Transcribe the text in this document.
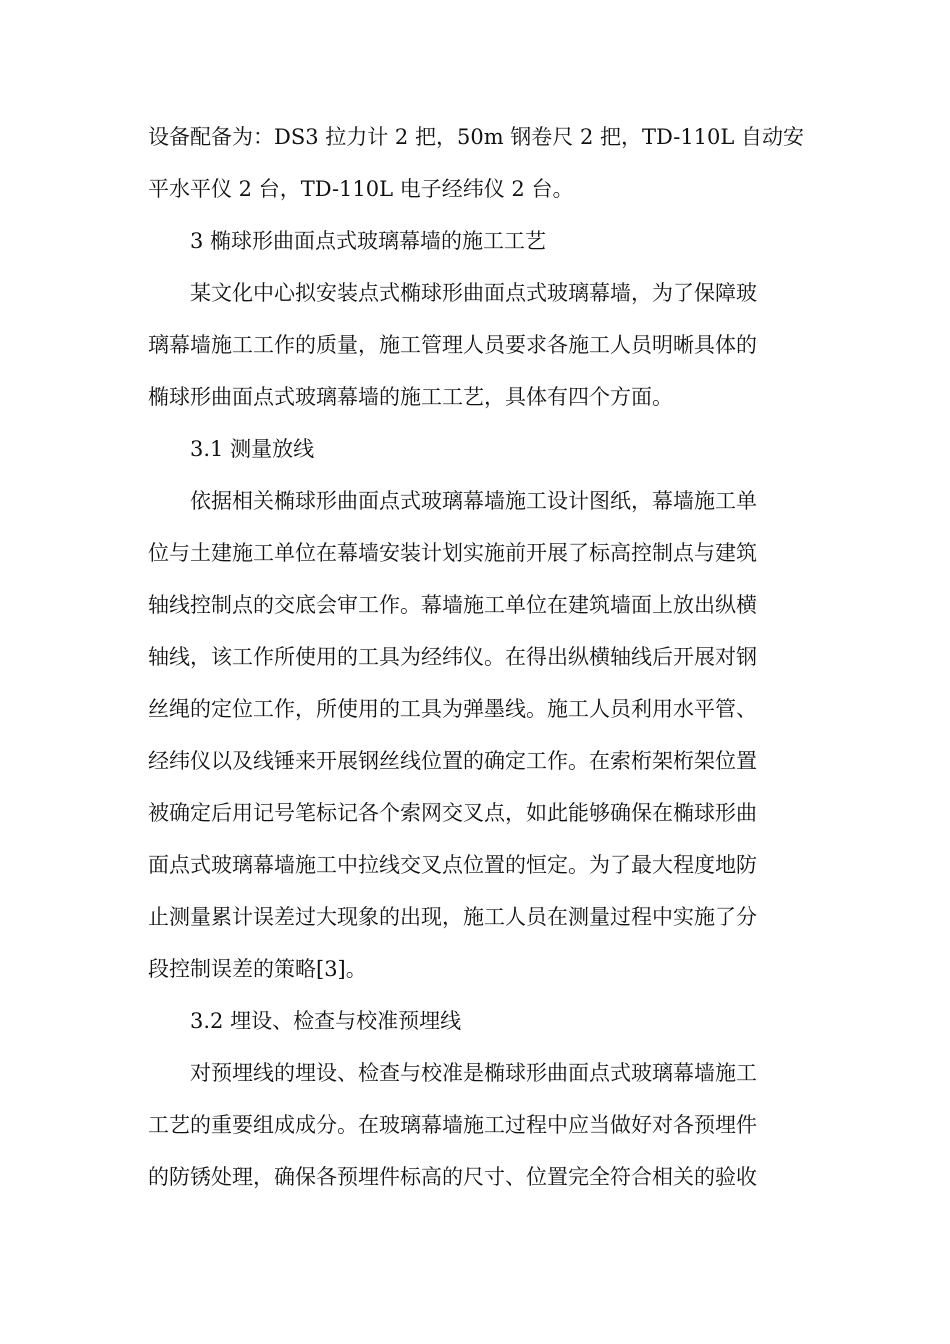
设备配备为：DS3 拉力计 2 把，50m 钢卷尺 2 把，TD-110L 自动安
平水平仪 2 台，TD-110L 电子经纬仪 2 台。
3 椭球形曲面点式玻璃幕墙的施工工艺
某文化中心拟安装点式椭球形曲面点式玻璃幕墙，为了保障玻
璃幕墙施工工作的质量，施工管理人员要求各施工人员明晰具体的
椭球形曲面点式玻璃幕墙的施工工艺，具体有四个方面。
3.1 测量放线
依据相关椭球形曲面点式玻璃幕墙施工设计图纸，幕墙施工单
位与土建施工单位在幕墙安装计划实施前开展了标高控制点与建筑
轴线控制点的交底会审工作。幕墙施工单位在建筑墙面上放出纵横
轴线，该工作所使用的工具为经纬仪。在得出纵横轴线后开展对钢
丝绳的定位工作，所使用的工具为弹墨线。施工人员利用水平管、
经纬仪以及线锤来开展钢丝线位置的确定工作。在索桁架桁架位置
被确定后用记号笔标记各个索网交叉点，如此能够确保在椭球形曲
面点式玻璃幕墙施工中拉线交叉点位置的恒定。为了最大程度地防
止测量累计误差过大现象的出现，施工人员在测量过程中实施了分
段控制误差的策略[3]。
3.2 埋设、检查与校准预埋线
对预埋线的埋设、检查与校准是椭球形曲面点式玻璃幕墙施工
工艺的重要组成成分。在玻璃幕墙施工过程中应当做好对各预埋件
的防锈处理，确保各预埋件标高的尺寸、位置完全符合相关的验收
